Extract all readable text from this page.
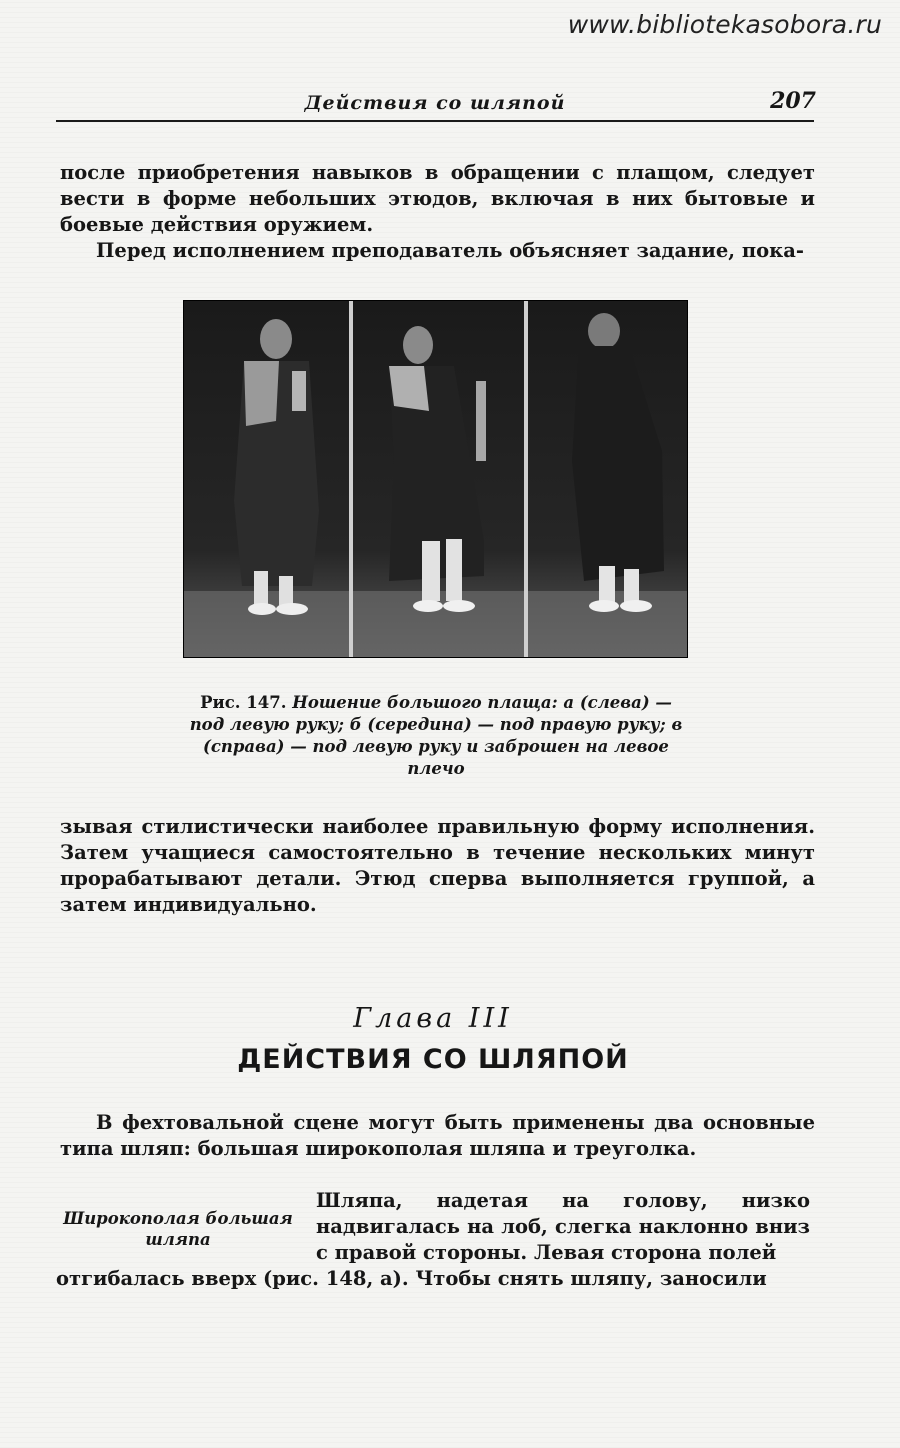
www.bibliotekasobora.ru
Действия со шляпой	207
после приобретения навыков в обращении с плащом, следует вести в форме небольших этюдов, включая в них бытовые и боевые действия оружием.
Перед исполнением преподаватель объясняет задание, пока-
Рис. 147. Ношение большого плаща: а (слева) — под левую руку; б (середина) — под правую руку; в (справа) — под левую руку и заброшен на левое плечо
зывая стилистически наиболее правильную форму исполнения. Затем учащиеся самостоятельно в течение нескольких минут прорабатывают детали. Этюд сперва выполняется группой, а затем индивидуально.
Глава III
ДЕЙСТВИЯ СО ШЛЯПОЙ
В фехтовальной сцене могут быть применены два основные типа шляп: большая широкополая шляпа и треуголка.
Широкополая большая шляпа
Шляпа, надетая на голову, низко надвигалась на лоб, слегка наклонно вниз с правой стороны. Левая сторона полей
отгибалась вверх (рис. 148, а). Чтобы снять шляпу, заносили
